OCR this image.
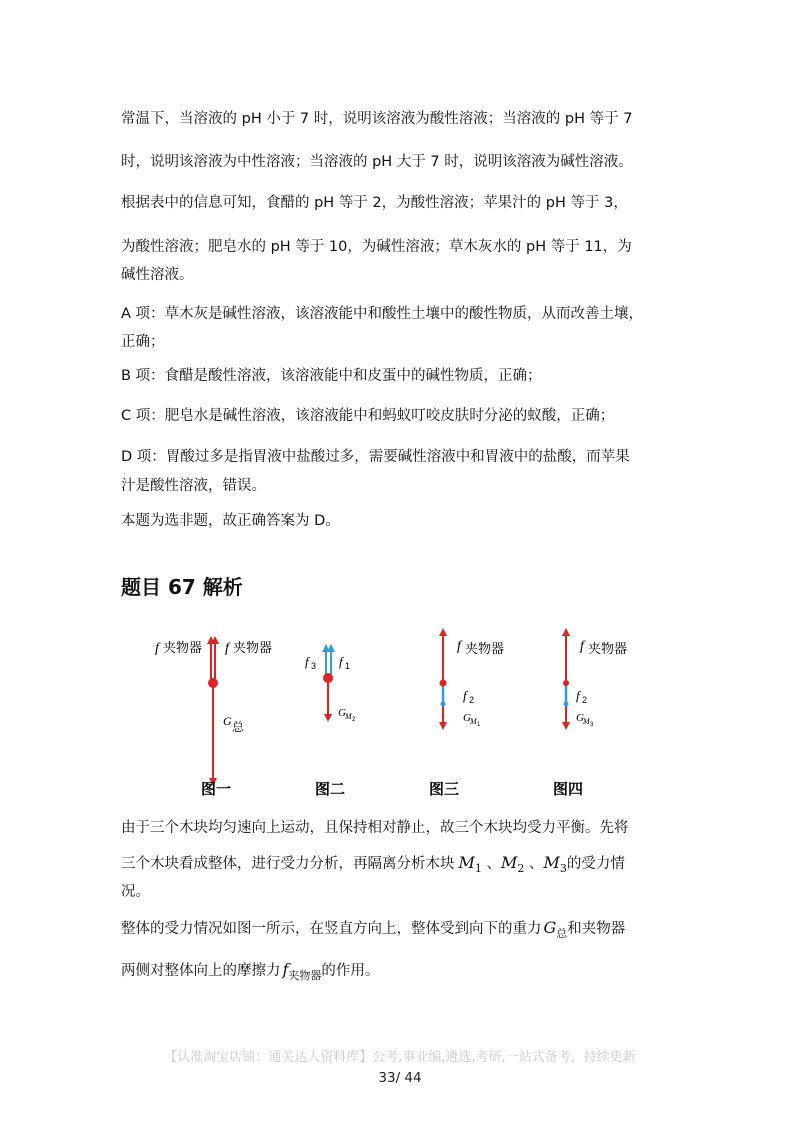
常温下，当溶液的 pH 小于 7 时，说明该溶液为酸性溶液；当溶液的 pH 等于 7
时，说明该溶液为中性溶液；当溶液的 pH 大于 7 时，说明该溶液为碱性溶液。
根据表中的信息可知，食醋的 pH 等于 2，为酸性溶液；苹果汁的 pH 等于 3，
为酸性溶液；肥皂水的 pH 等于 10，为碱性溶液；草木灰水的 pH 等于 11，为
碱性溶液。
A 项：草木灰是碱性溶液，该溶液能中和酸性土壤中的酸性物质，从而改善土壤，
正确；
B 项：食醋是酸性溶液，该溶液能中和皮蛋中的碱性物质，正确；
C 项：肥皂水是碱性溶液，该溶液能中和蚂蚁叮咬皮肤时分泌的蚁酸，正确；
D 项：胃酸过多是指胃液中盐酸过多，需要碱性溶液中和胃液中的盐酸，而苹果
汁是酸性溶液，错误。
本题为选非题，故正确答案为 D。
题目 67 解析
f 夹物器 f 夹物器
G 总
图一
f 3 f 1
G M 2
图二
f 夹物器
f 2
G M 1
图三
f 夹物器
f 2
G M 3
图四
由于三个木块均匀速向上运动，且保持相对静止，故三个木块均受力平衡。先将
三个木块看成整体，进行受力分析，再隔离分析木块 $M_1$ 、$M_2$ 、$M_3$的受力情
况。
整体的受力情况如图一所示，在竖直方向上，整体受到向下的重力 $G_总$和夹物器
两侧对整体向上的摩擦力 $f_{夹物器}$的作用。
【认准淘宝店铺：通关达人资料库】公考,事业编,遴选,考研,一站式备考，持续更新
33/ 44
